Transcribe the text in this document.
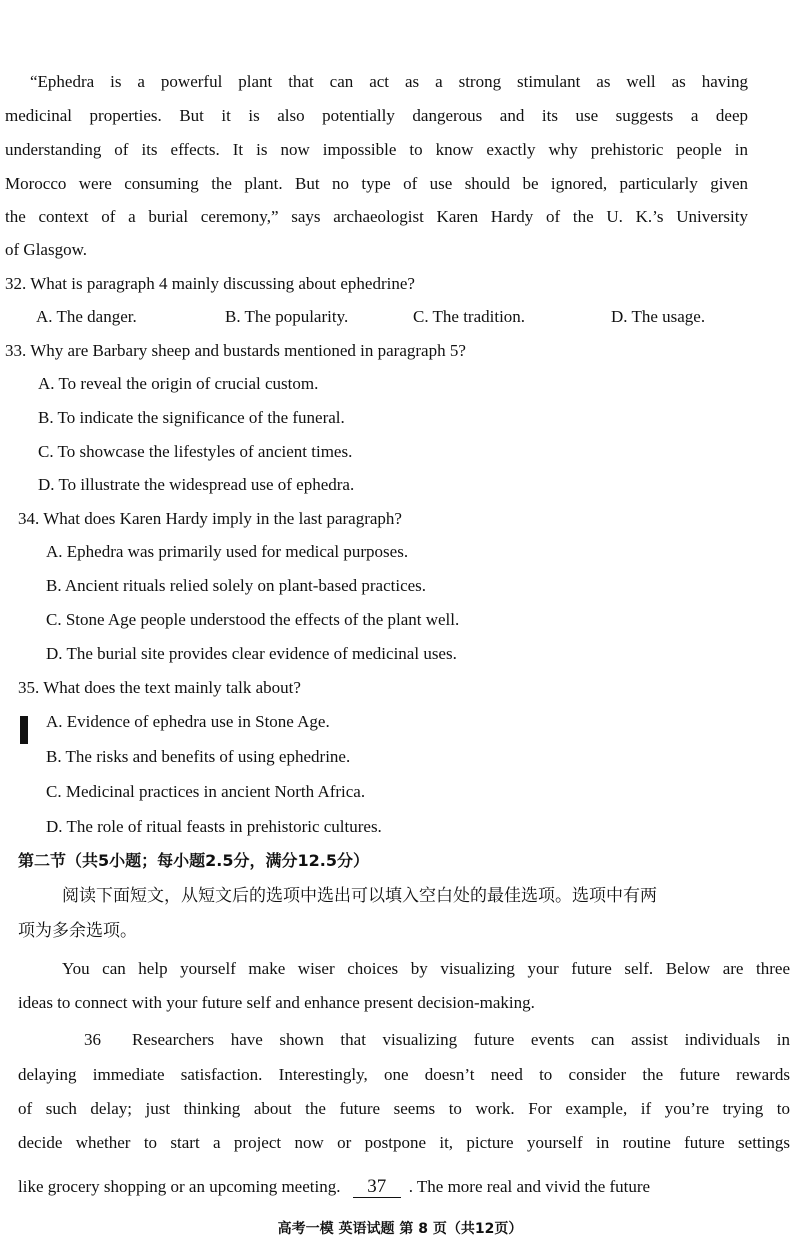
“Ephedra is a powerful plant that can act as a strong stimulant as well as having
medicinal properties. But it is also potentially dangerous and its use suggests a deep
understanding of its effects. It is now impossible to know exactly why prehistoric people in
Morocco were consuming the plant. But no type of use should be ignored, particularly given
the context of a burial ceremony,” says archaeologist Karen Hardy of the U. K.’s University
of Glasgow.
32. What is paragraph 4 mainly discussing about ephedrine?
A. The danger.	B. The popularity.	C. The tradition.	D. The usage.
33. Why are Barbary sheep and bustards mentioned in paragraph 5?
A. To reveal the origin of crucial custom.
B. To indicate the significance of the funeral.
C. To showcase the lifestyles of ancient times.
D. To illustrate the widespread use of ephedra.
34. What does Karen Hardy imply in the last paragraph?
A. Ephedra was primarily used for medical purposes.
B. Ancient rituals relied solely on plant-based practices.
C. Stone Age people understood the effects of the plant well.
D. The burial site provides clear evidence of medicinal uses.
35. What does the text mainly talk about?
A. Evidence of ephedra use in Stone Age.
B. The risks and benefits of using ephedrine.
C. Medicinal practices in ancient North Africa.
D. The role of ritual feasts in prehistoric cultures.
第二节（共5小题；每小题2.5分，满分12.5分）
阅读下面短文，从短文后的选项中选出可以填入空白处的最佳选项。选项中有两
项为多余选项。
You can help yourself make wiser choices by visualizing your future self. Below are three
ideas to connect with your future self and enhance present decision-making.
36 Researchers have shown that visualizing future events can assist individuals in
delaying immediate satisfaction. Interestingly, one doesn’t need to consider the future rewards
of such delay; just thinking about the future seems to work. For example, if you’re trying to
decide whether to start a project now or postpone it, picture yourself in routine future settings
like grocery shopping or an upcoming meeting. 37 . The more real and vivid the future
高考一模 英语试题 第 8 页（共12页）
